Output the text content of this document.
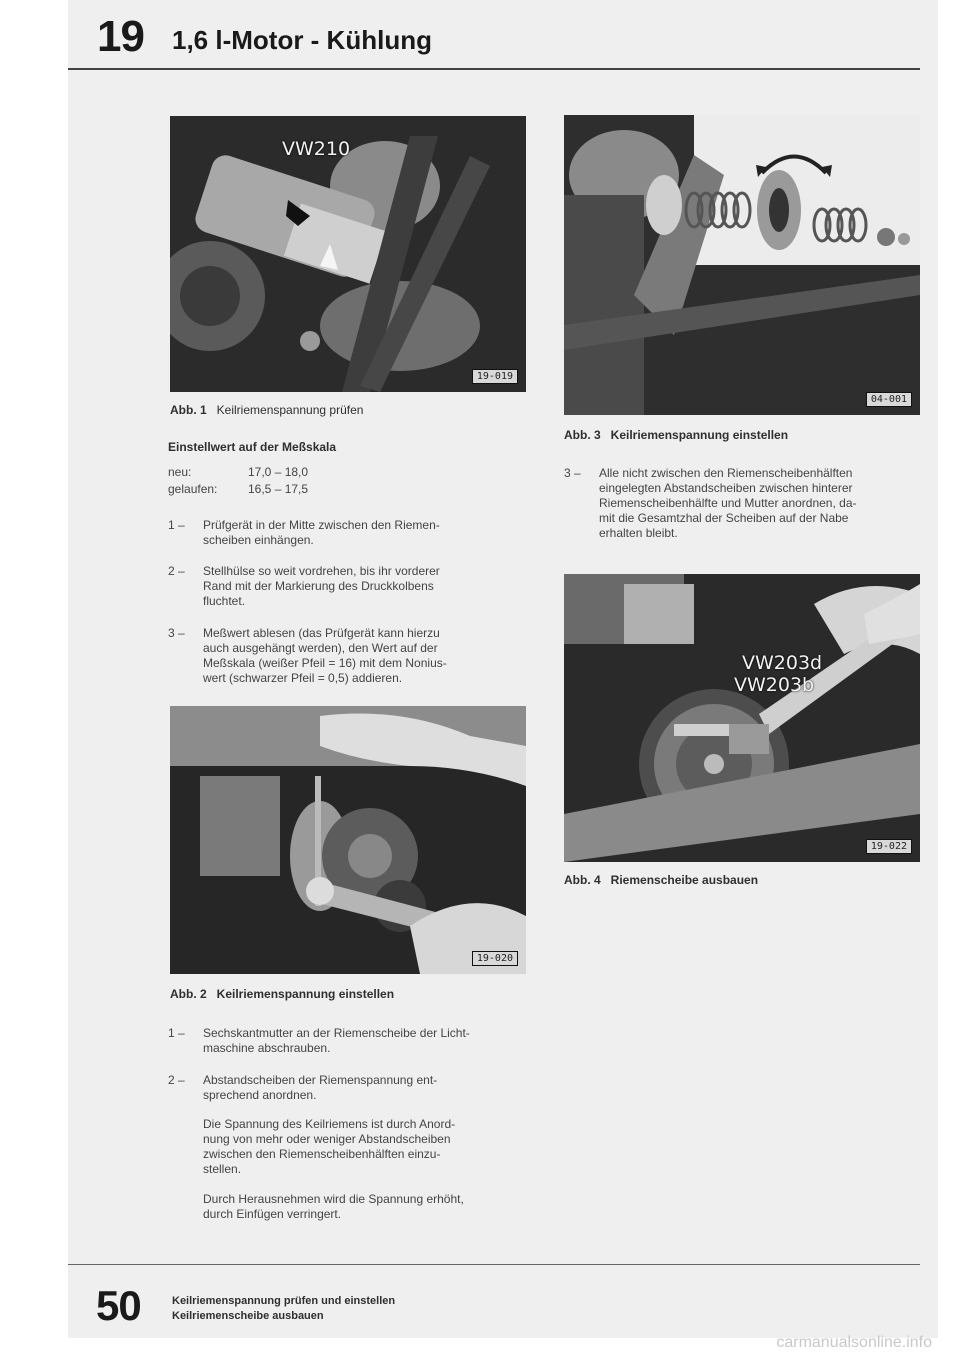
19 1,6 l-Motor - Kühlung
VW210
19-019
Abb. 1 Keilriemenspannung prüfen
Einstellwert auf der Meßskala
neu:	17,0 – 18,0
gelaufen:	16,5 – 17,5
1 –	Prüfgerät in der Mitte zwischen den Riemen-
scheiben einhängen.
2 –	Stellhülse so weit vordrehen, bis ihr vorderer
Rand mit der Markierung des Druckkolbens
fluchtet.
3 –	Meßwert ablesen (das Prüfgerät kann hierzu
auch ausgehängt werden), den Wert auf der
Meßskala (weißer Pfeil = 16) mit dem Nonius-
wert (schwarzer Pfeil = 0,5) addieren.
19-020
Abb. 2 Keilriemenspannung einstellen
1 –	Sechskantmutter an der Riemenscheibe der Licht-
maschine abschrauben.
2 –	Abstandscheiben der Riemenspannung ent-
sprechend anordnen.
Die Spannung des Keilriemens ist durch Anord-
nung von mehr oder weniger Abstandscheiben
zwischen den Riemenscheibenhälften einzu-
stellen.
Durch Herausnehmen wird die Spannung erhöht,
durch Einfügen verringert.
04-001
Abb. 3 Keilriemenspannung einstellen
3 –	Alle nicht zwischen den Riemenscheibenhälften
eingelegten Abstandscheiben zwischen hinterer
Riemenscheibenhälfte und Mutter anordnen, da-
mit die Gesamtzhal der Scheiben auf der Nabe
erhalten bleibt.
VW203d
VW203b
19-022
Abb. 4 Riemenscheibe ausbauen
50	Keilriemenspannung prüfen und einstellen
Keilriemenscheibe ausbauen
carmanualsonline.info
